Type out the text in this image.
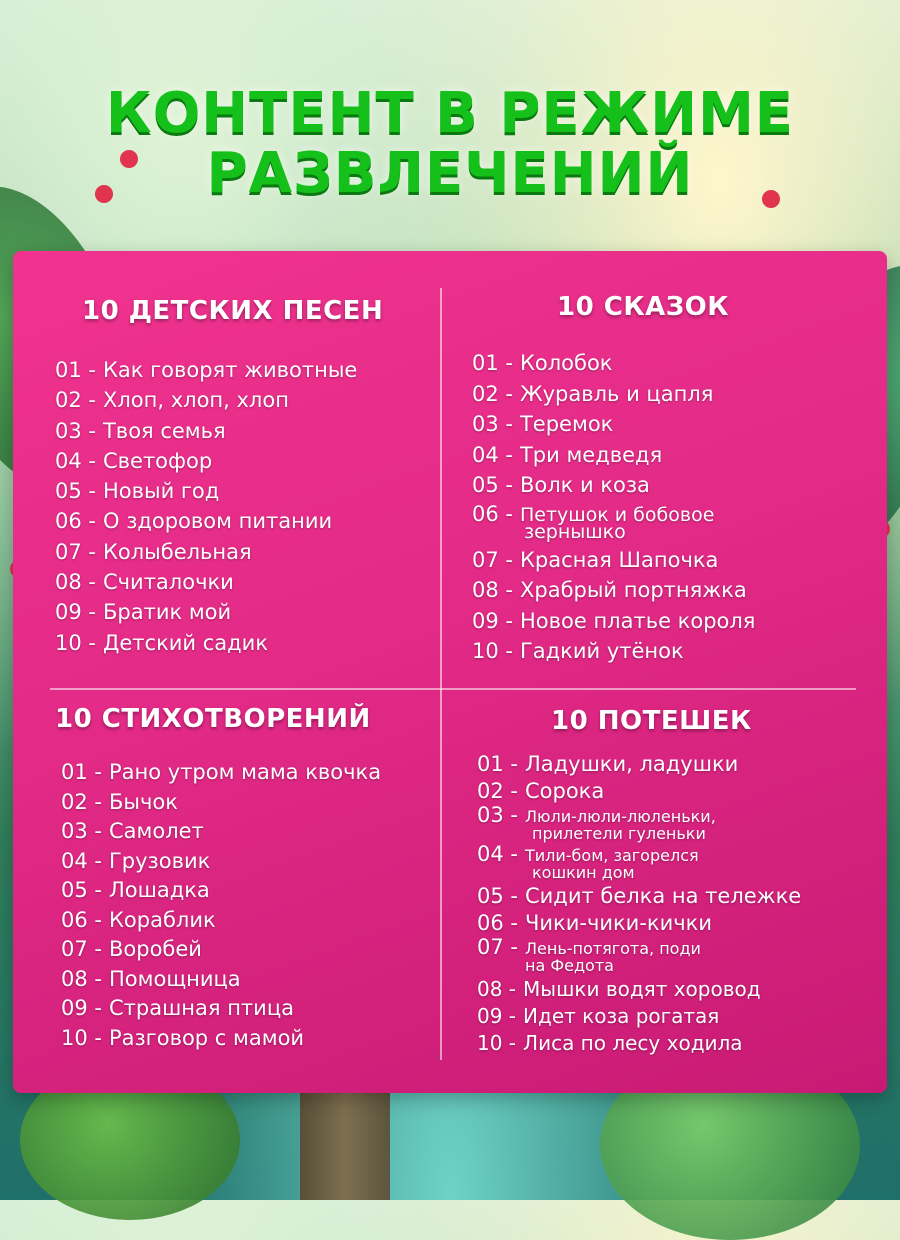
КОНТЕНТ В РЕЖИМЕ
РАЗВЛЕЧЕНИЙ
10 ДЕТСКИХ ПЕСЕН
01 - Как говорят животные
02 - Хлоп, хлоп, хлоп
03 - Твоя семья
04 - Светофор
05 - Новый год
06 - О здоровом питании
07 - Колыбельная
08 - Считалочки
09 - Братик мой
10 - Детский садик
10 СКАЗОК
01 - Колобок
02 - Журавль и цапля
03 - Теремок
04 - Три медведя
05 - Волк и коза
06 - Петушок и бобовое
зернышко
07 - Красная Шапочка
08 - Храбрый портняжка
09 - Новое платье короля
10 - Гадкий утёнок
10 СТИХОТВОРЕНИЙ
01 - Рано утром мама квочка
02 - Бычок
03 - Самолет
04 - Грузовик
05 - Лошадка
06 - Кораблик
07 - Воробей
08 - Помощница
09 - Страшная птица
10 - Разговор с мамой
10 ПОТЕШЕК
01 - Ладушки, ладушки
02 - Сорока
03 - Люли-люли-люленьки,
прилетели гуленьки
04 - Тили-бом, загорелся
кошкин дом
05 - Сидит белка на тележке
06 - Чики-чики-кички
07 - Лень-потягота, поди
на Федота
08 - Мышки водят хоровод
09 - Идет коза рогатая
10 - Лиса по лесу ходила
